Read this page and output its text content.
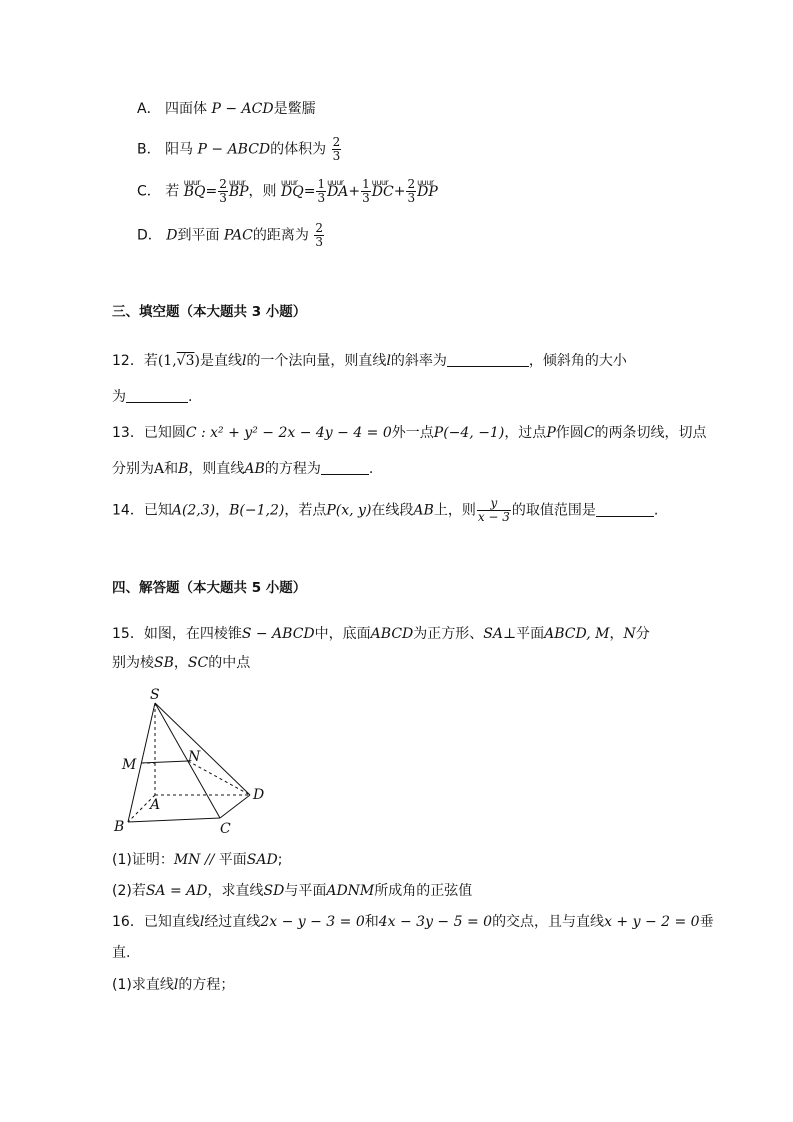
A． 四面体 P − ACD是鳖臑
B． 阳马 P − ABCD的体积为 $\frac{2}{3}$
C． 若 uuur $BQ= \frac{2}{3}$ uuur BP，则 uuur $DQ= \frac{1}{3}$ uuur $DA+ \frac{1}{3}$ uuur $DC+ \frac{2}{3}$ uuur DP
D． D到平面 PAC的距离为 $\frac{2}{3}$
三、填空题（本大题共 3 小题）
12．若(1,√3)是直线l的一个法向量，则直线l的斜率为	，倾斜角的大小
为	.
13．已知圆C : x² + y² − 2x − 4y − 4 = 0外一点P(−4, −1)，过点P作圆C的两条切线，切点
分别为A和B，则直线AB的方程为	.
14．已知A(2,3)，B(−1,2)，若点P(x, y)在线段AB上，则 $\frac{y}{x - 3}$ 的取值范围是	.
四、解答题（本大题共 5 小题）
15．如图，在四棱锥S − ABCD中，底面ABCD为正方形、SA⊥平面ABCD, M，N分
别为棱SB，SC的中点
S
M	N
A
B	C
D
(1)证明：MN // 平面SAD;
(2)若SA = AD，求直线SD与平面ADNM所成角的正弦值
16．已知直线l经过直线2x − y − 3 = 0和4x − 3y − 5 = 0的交点，且与直线x + y − 2 = 0垂
直.
(1)求直线l的方程；
